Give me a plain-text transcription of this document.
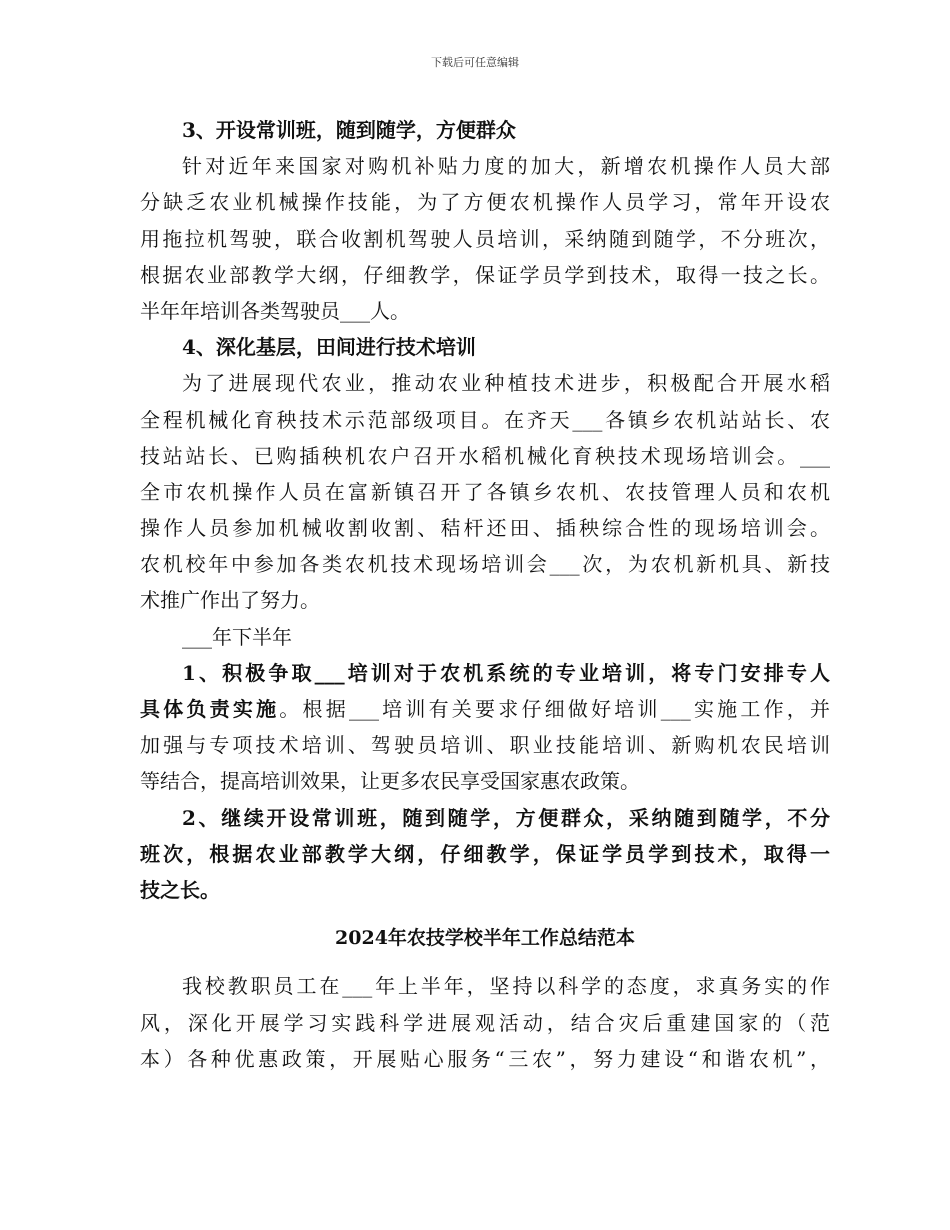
下载后可任意编辑
3、开设常训班，随到随学，方便群众
针对近年来国家对购机补贴力度的加大，新增农机操作人员大部
分缺乏农业机械操作技能，为了方便农机操作人员学习，常年开设农
用拖拉机驾驶，联合收割机驾驶人员培训，采纳随到随学，不分班次，
根据农业部教学大纲，仔细教学，保证学员学到技术，取得一技之长。
半年年培训各类驾驶员___人。
4、深化基层，田间进行技术培训
为了进展现代农业，推动农业种植技术进步，积极配合开展水稻
全程机械化育秧技术示范部级项目。在齐天___各镇乡农机站站长、农
技站站长、已购插秧机农户召开水稻机械化育秧技术现场培训会。___
全市农机操作人员在富新镇召开了各镇乡农机、农技管理人员和农机
操作人员参加机械收割收割、秸杆还田、插秧综合性的现场培训会。
农机校年中参加各类农机技术现场培训会___次，为农机新机具、新技
术推广作出了努力。
___年下半年
1、积极争取___培训对于农机系统的专业培训，将专门安排专人
具体负责实施。根据___培训有关要求仔细做好培训___实施工作，并
加强与专项技术培训、驾驶员培训、职业技能培训、新购机农民培训
等结合，提高培训效果，让更多农民享受国家惠农政策。
2、继续开设常训班，随到随学，方便群众，采纳随到随学，不分
班次，根据农业部教学大纲，仔细教学，保证学员学到技术，取得一
技之长。
2024年农技学校半年工作总结范本
我校教职员工在___年上半年，坚持以科学的态度，求真务实的作
风，深化开展学习实践科学进展观活动，结合灾后重建国家的（范
本）各种优惠政策，开展贴心服务“三农”，努力建设“和谐农机”，
